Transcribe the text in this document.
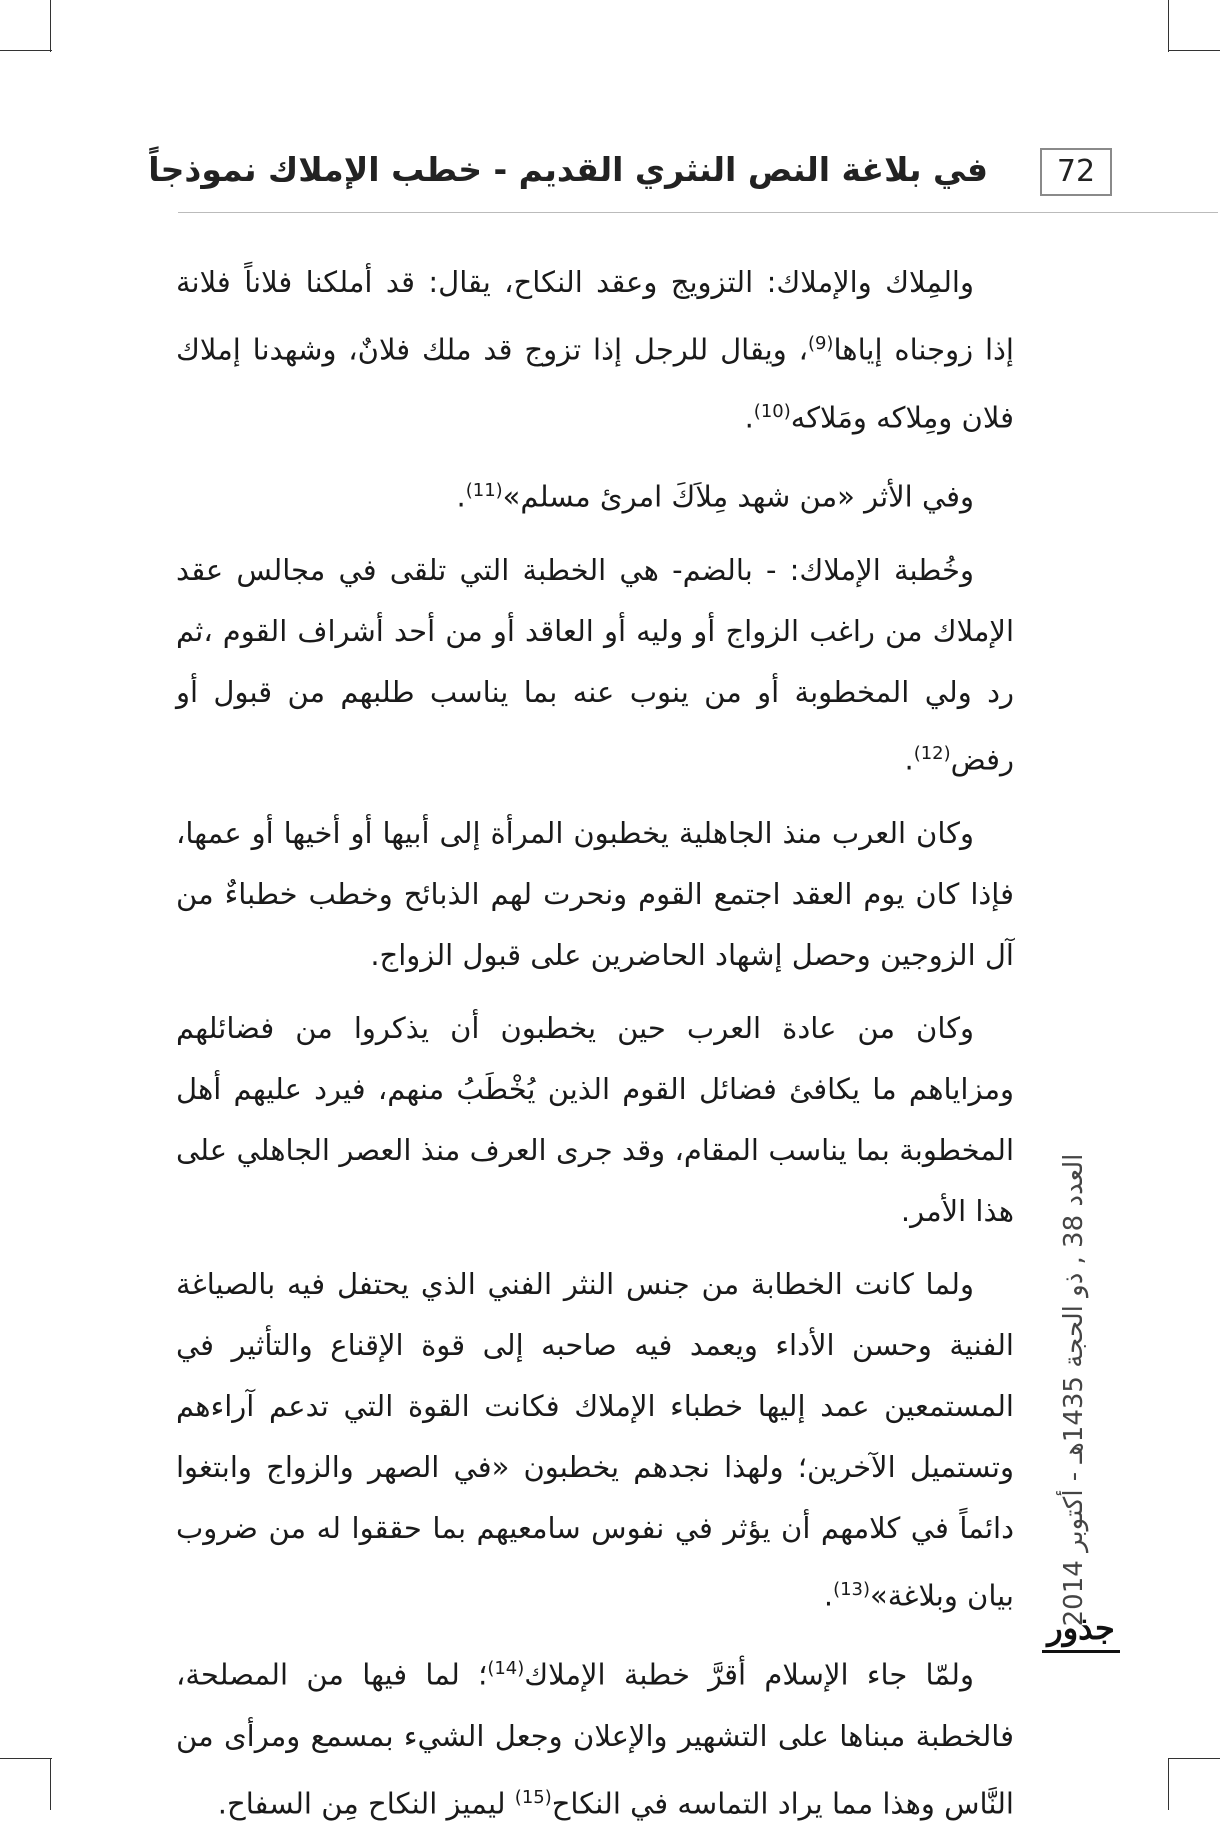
72
في بلاغة النص النثري القديم - خطب الإملاك نموذجاً

والمِلاك والإملاك: التزويج وعقد النكاح، يقال: قد أملكنا فلاناً فلانة إذا زوجناه إياها$^{(9)}$، ويقال للرجل إذا تزوج قد ملك فلانٌ، وشهدنا إملاك فلان ومِلاكه ومَلاكه$^{(10)}$.

وفي الأثر «من شهد مِلاَكَ امرئ مسلم»$^{(11)}$.

وخُطبة الإملاك: - بالضم- هي الخطبة التي تلقى في مجالس عقد الإملاك من راغب الزواج أو وليه أو العاقد أو من أحد أشراف القوم ،ثم رد ولي المخطوبة أو من ينوب عنه بما يناسب طلبهم من قبول أو رفض$^{(12)}$.

وكان العرب منذ الجاهلية يخطبون المرأة إلى أبيها أو أخيها أو عمها، فإذا كان يوم العقد اجتمع القوم ونحرت لهم الذبائح وخطب خطباءٌ من آل الزوجين وحصل إشهاد الحاضرين على قبول الزواج.

وكان من عادة العرب حين يخطبون أن يذكروا من فضائلهم ومزاياهم ما يكافئ فضائل القوم الذين يُخْطَبُ منهم، فيرد عليهم أهل المخطوبة بما يناسب المقام، وقد جرى العرف منذ العصر الجاهلي على هذا الأمر.

ولما كانت الخطابة من جنس النثر الفني الذي يحتفل فيه بالصياغة الفنية وحسن الأداء ويعمد فيه صاحبه إلى قوة الإقناع والتأثير في المستمعين عمد إليها خطباء الإملاك فكانت القوة التي تدعم آراءهم وتستميل الآخرين؛ ولهذا نجدهم يخطبون «في الصهر والزواج وابتغوا دائماً في كلامهم أن يؤثر في نفوس سامعيهم بما حققوا له من ضروب بيان وبلاغة»$^{(13)}$.

ولمّا جاء الإسلام أقرَّ خطبة الإملاك$^{(14)}$؛ لما فيها من المصلحة، فالخطبة مبناها على التشهير والإعلان وجعل الشيء بمسمع ومرأى من النَّاس وهذا مما يراد التماسه في النكاح$^{(15)}$ ليميز النكاح مِن السفاح.

العدد 38 , ذو الحجة 1435هـ - أكتوبر 2014
جذور
